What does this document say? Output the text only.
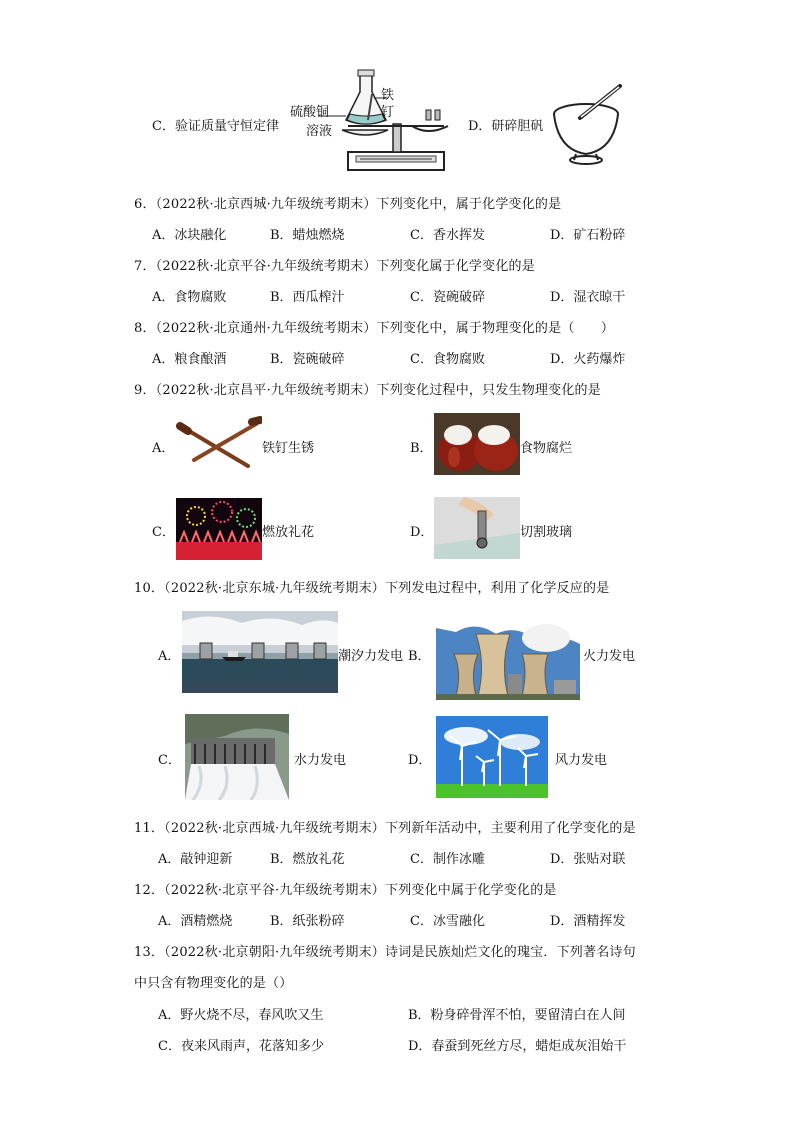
C．验证质量守恒定律
硫酸铜
溶液
铁
钉
D．研碎胆矾
6．（2022秋·北京西城·九年级统考期末）下列变化中，属于化学变化的是
A．冰块融化	B．蜡烛燃烧	C．香水挥发	D．矿石粉碎
7．（2022秋·北京平谷·九年级统考期末）下列变化属于化学变化的是
A．食物腐败	B．西瓜榨汁	C．瓷碗破碎	D．湿衣晾干
8．（2022秋·北京通州·九年级统考期末）下列变化中，属于物理变化的是（　　）
A．粮食酿酒	B．瓷碗破碎	C．食物腐败	D．火药爆炸
9．（2022秋·北京昌平·九年级统考期末）下列变化过程中，只发生物理变化的是
A．	铁钉生锈	B．	食物腐烂
C．	燃放礼花	D．	切割玻璃
10．（2022秋·北京东城·九年级统考期末）下列发电过程中，利用了化学反应的是
A．	潮汐力发电 B．	火力发电
C．	水力发电	D．	风力发电
11．（2022秋·北京西城·九年级统考期末）下列新年活动中，主要利用了化学变化的是
A．敲钟迎新	B．燃放礼花	C．制作冰雕	D．张贴对联
12．（2022秋·北京平谷·九年级统考期末）下列变化中属于化学变化的是
A．酒精燃烧	B．纸张粉碎	C．冰雪融化	D．酒精挥发
13．（2022秋·北京朝阳·九年级统考期末）诗词是民族灿烂文化的瑰宝．下列著名诗句
中只含有物理变化的是（）
A．野火烧不尽，春风吹又生	B．粉身碎骨浑不怕，要留清白在人间
C．夜来风雨声，花落知多少	D．春蚕到死丝方尽，蜡炬成灰泪始干
